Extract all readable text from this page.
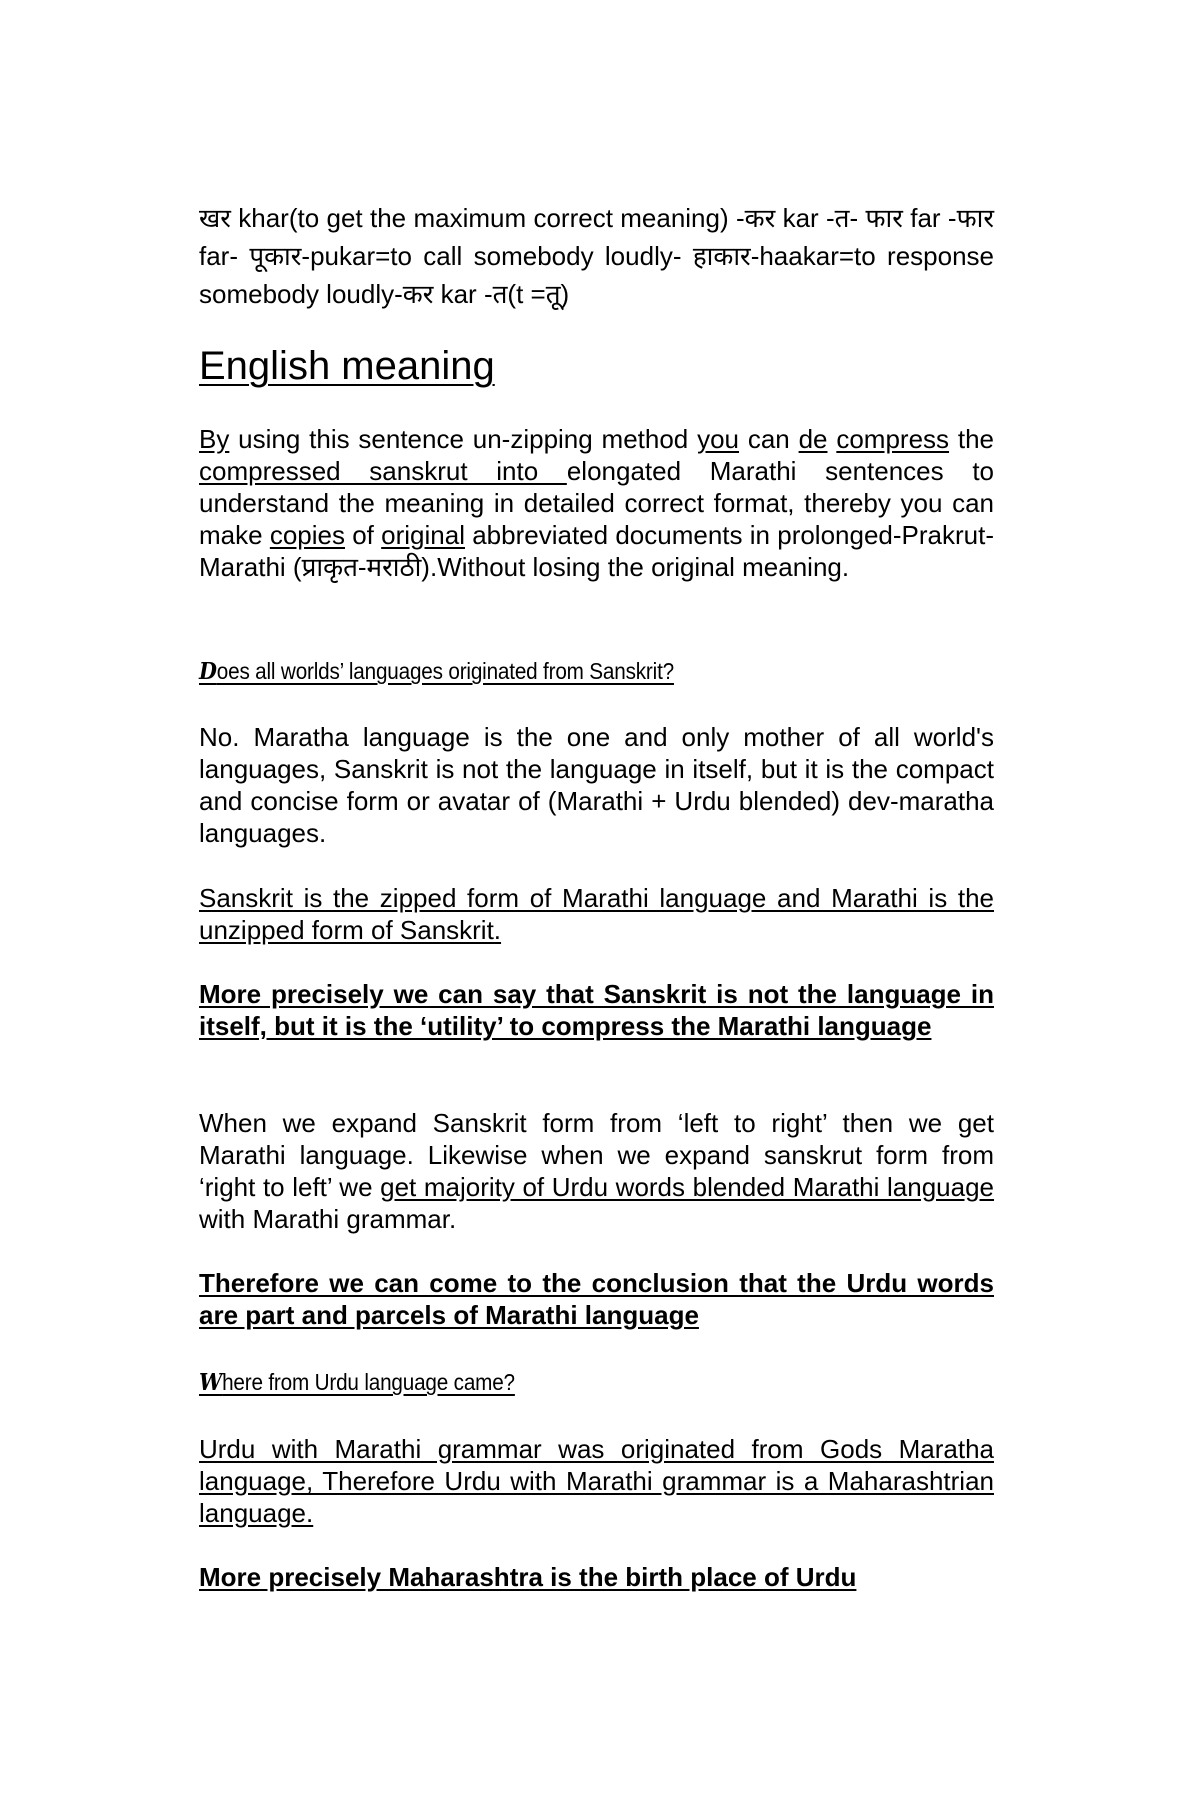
खर khar(to get the maximum correct meaning) -कर kar -त- फार far -फार far- पूकार-pukar=to call somebody loudly- हाकार-haakar=to response somebody loudly-कर kar -त(t =तू)
English meaning
By using this sentence un-zipping method you can de compress the compressed sanskrut into elongated Marathi sentences to understand the meaning in detailed correct format, thereby you can make copies of original abbreviated documents in prolonged-Prakrut-Marathi (प्राकृत-मराठी).Without losing the original meaning.
Does all worlds’ languages originated from Sanskrit?
No. Maratha language is the one and only mother of all world's languages, Sanskrit is not the language in itself, but it is the compact and concise form or avatar of (Marathi + Urdu blended) dev-maratha languages.
Sanskrit is the zipped form of Marathi language and Marathi is the unzipped form of Sanskrit.
More precisely we can say that Sanskrit is not the language in itself, but it is the ‘utility’ to compress the Marathi language
When we expand Sanskrit form from ‘left to right’ then we get Marathi language. Likewise when we expand sanskrut form from ‘right to left’ we get majority of Urdu words blended Marathi language with Marathi grammar.
Therefore we can come to the conclusion that the Urdu words are part and parcels of Marathi language
Where from Urdu language came?
Urdu with Marathi grammar was originated from Gods Maratha language, Therefore Urdu with Marathi grammar is a Maharashtrian language.
More precisely Maharashtra is the birth place of Urdu
